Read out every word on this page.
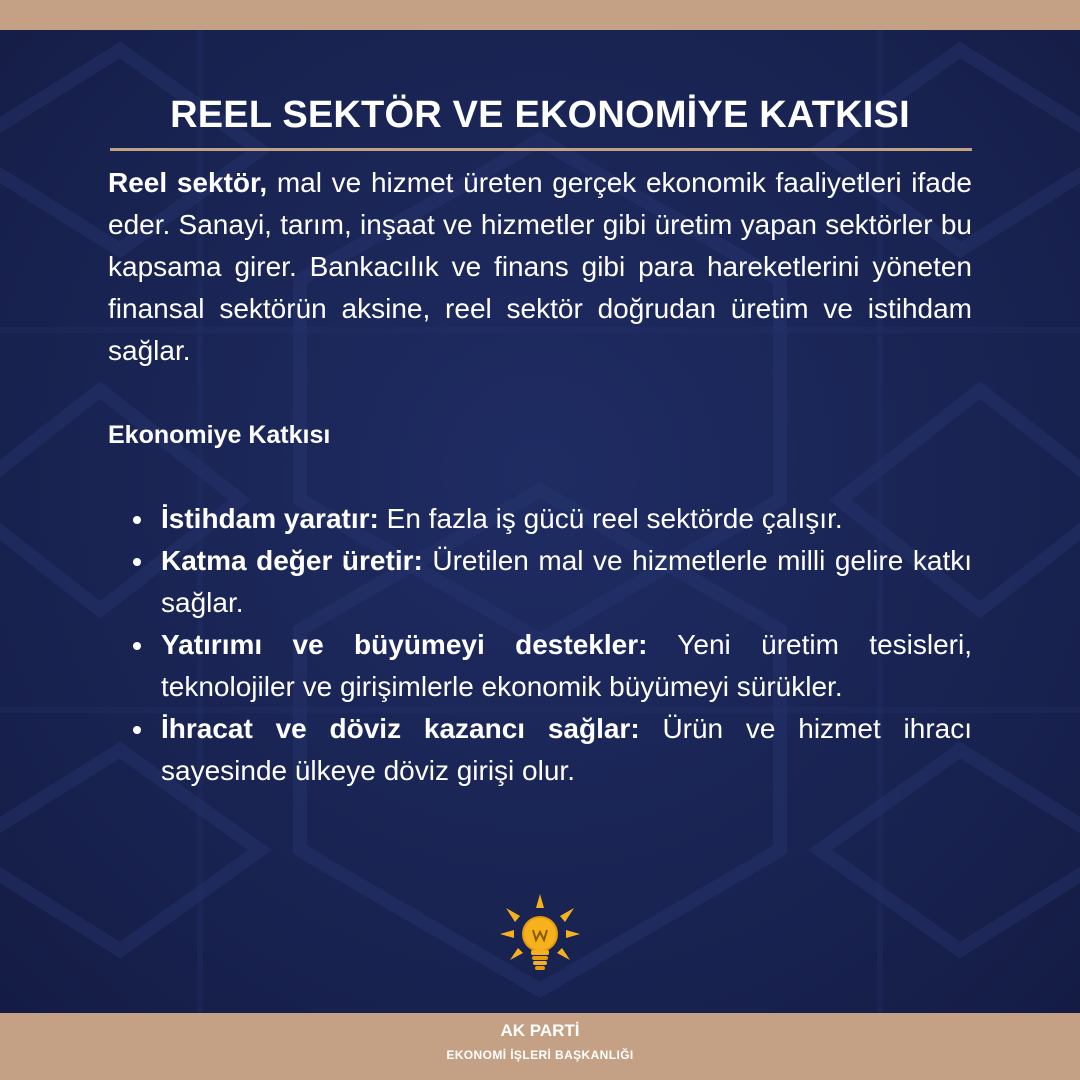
REEL SEKTÖR VE EKONOMİYE KATKISI

Reel sektör, mal ve hizmet üreten gerçek ekonomik faaliyetleri ifade eder. Sanayi, tarım, inşaat ve hizmetler gibi üretim yapan sektörler bu kapsama girer. Bankacılık ve finans gibi para hareketlerini yöneten finansal sektörün aksine, reel sektör doğrudan üretim ve istihdam sağlar.

Ekonomiye Katkısı
İstihdam yaratır: En fazla iş gücü reel sektörde çalışır.
Katma değer üretir: Üretilen mal ve hizmetlerle milli gelire katkı sağlar.
Yatırımı ve büyümeyi destekler: Yeni üretim tesisleri, teknolojiler ve girişimlerle ekonomik büyümeyi sürükler.
İhracat ve döviz kazancı sağlar: Ürün ve hizmet ihracı sayesinde ülkeye döviz girişi olur.
AK PARTİ
EKONOMİ İŞLERİ BAŞKANLIĞI
